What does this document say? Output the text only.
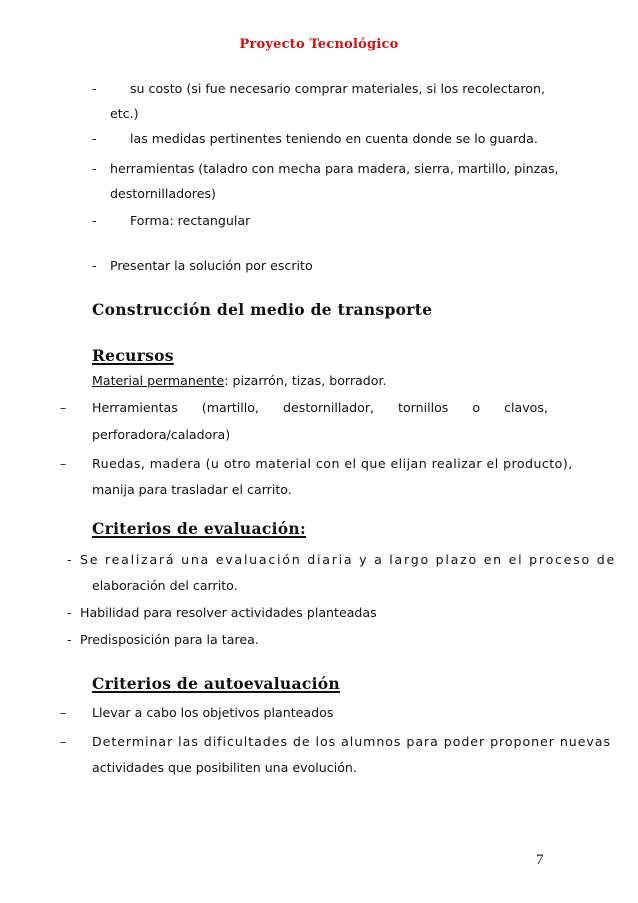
Proyecto Tecnológico
-	su costo (si fue necesario comprar materiales, si los recolectaron,
etc.)
-	las medidas pertinentes teniendo en cuenta donde se lo guarda.
- herramientas (taladro con mecha para madera, sierra, martillo, pinzas,
destornilladores)
-	Forma: rectangular
- Presentar la solución por escrito
Construcción del medio de transporte
Recursos
Material permanente: pizarrón, tizas, borrador.
– Herramientas (martillo, destornillador, tornillos o clavos,
perforadora/caladora)
– Ruedas, madera (u otro material con el que elijan realizar el producto),
manija para trasladar el carrito.
Criterios de evaluación:
- Se realizará una evaluación diaria y a largo plazo en el proceso de
elaboración del carrito.
- Habilidad para resolver actividades planteadas
- Predisposición para la tarea.
Criterios de autoevaluación
– Llevar a cabo los objetivos planteados
– Determinar las dificultades de los alumnos para poder proponer nuevas
actividades que posibiliten una evolución.
7
